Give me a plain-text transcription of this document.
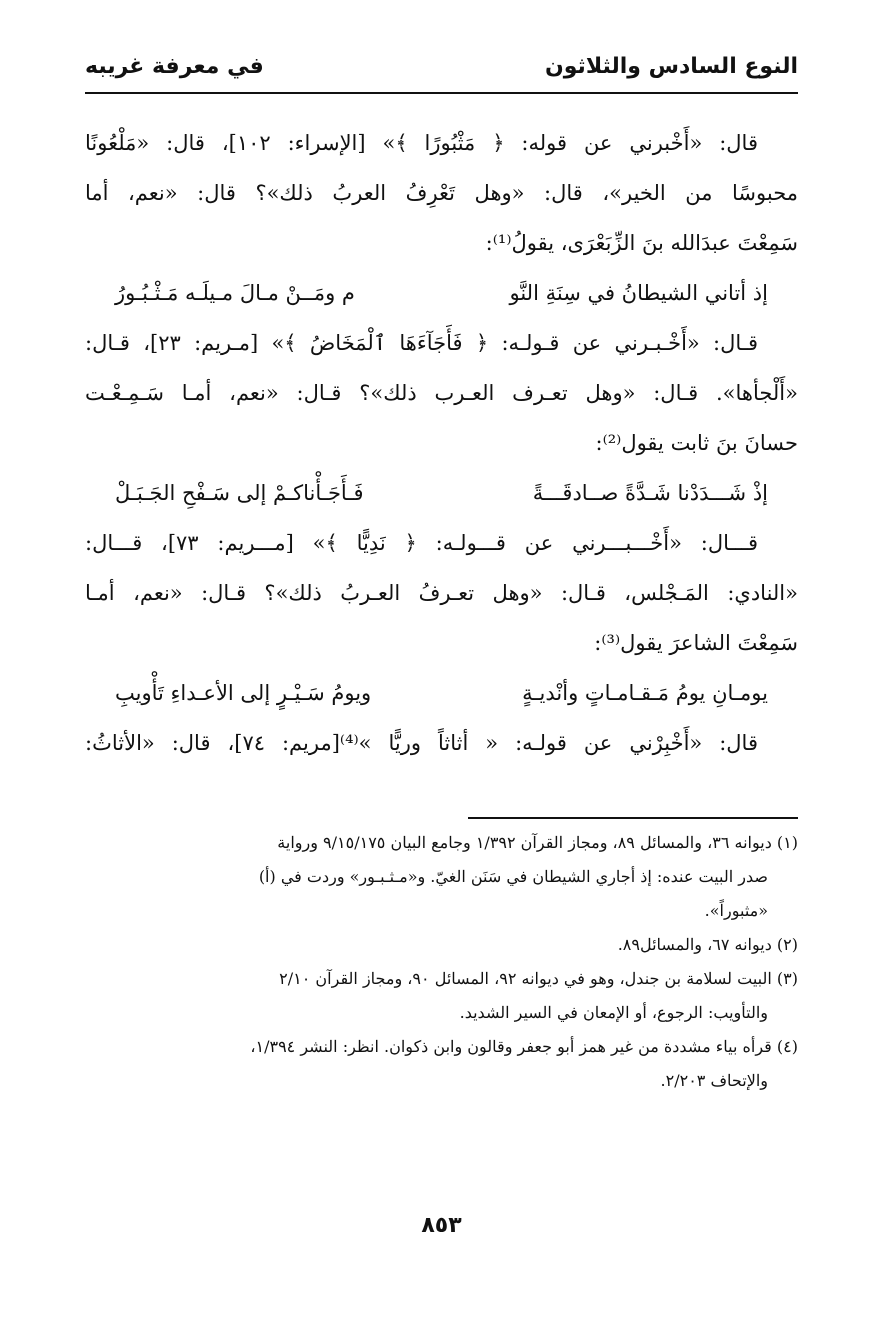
النوع السادس والثلاثون
في معرفة غريبه
قال: «أَخْبرني عن قوله: ﴿ مَثْبُورًا ﴾» [الإسراء: ١٠٢]، قال: «مَلْعُونًا
محبوسًا من الخير»، قال: «وهل تَعْرِفُ العربُ ذلك»؟ قال: «نعم، أما
سَمِعْتَ عبدَالله بنَ الزِّبَعْرَى، يقولُ⁽¹⁾:
إذ أتاني الشيطانُ في سِنَةِ النَّو
م ومَــنْ مـالَ مـيلَـه مَـثْـبُـورُ
قـال: «أَخْـبـرني عن قـولـه: ﴿ فَأَجَآءَهَا ٱلْمَخَاضُ ﴾» [مـريم: ٢٣]، قـال:
«أَلْجأها». قـال: «وهل تعـرف العـرب ذلك»؟ قـال: «نعم، أمـا سَـمِـعْـت
حسانَ بنَ ثابت يقول⁽²⁾:
إذْ شَـــدَدْنا شَـدَّةً صــادقَـــةً
فَـأَجَـأْناكـمْ إلى سَـفْحِ الجَـبَـلْ
قـــال: «أَخْـــبـــرني عن قـــولـه: ﴿ نَدِيًّا ﴾» [مـــريم: ٧٣]، قـــال:
«النادي: المَـجْلس، قـال: «وهل تعـرفُ العـربُ ذلك»؟ قـال: «نعم، أمـا
سَمِعْتَ الشاعرَ يقول⁽³⁾:
يومـانِ يومُ مَـقـامـاتٍ وأنْديـةٍ
ويومُ سَـيْـرٍ إلى الأعـداءِ تَأْويبِ
قال: «أَخْبِرْني عن قولـه: « أثاثاً وريًّا »⁽⁴⁾[مريم: ٧٤]، قال: «الأثاثُ:
(١) ديوانه ٣٦، والمسائل ٨٩، ومجاز القرآن ١/٣٩٢ وجامع البيان ٩/١٥/١٧٥ ورواية
صدر البيت عنده: إذ أجاري الشيطان في سَنَن الغيّ. و«مـثـبـور» وردت في (أ)
«مثبوراً».
(٢) ديوانه ٦٧، والمسائل٨٩.
(٣) البيت لسلامة بن جندل، وهو في ديوانه ٩٢، المسائل ٩٠، ومجاز القرآن ٢/١٠
والتأويب: الرجوع، أو الإمعان في السير الشديد.
(٤) قرأه بياء مشددة من غير همز أبو جعفر وقالون وابن ذكوان. انظر: النشر ١/٣٩٤،
والإتحاف ٢/٢٠٣.
٨٥٣
